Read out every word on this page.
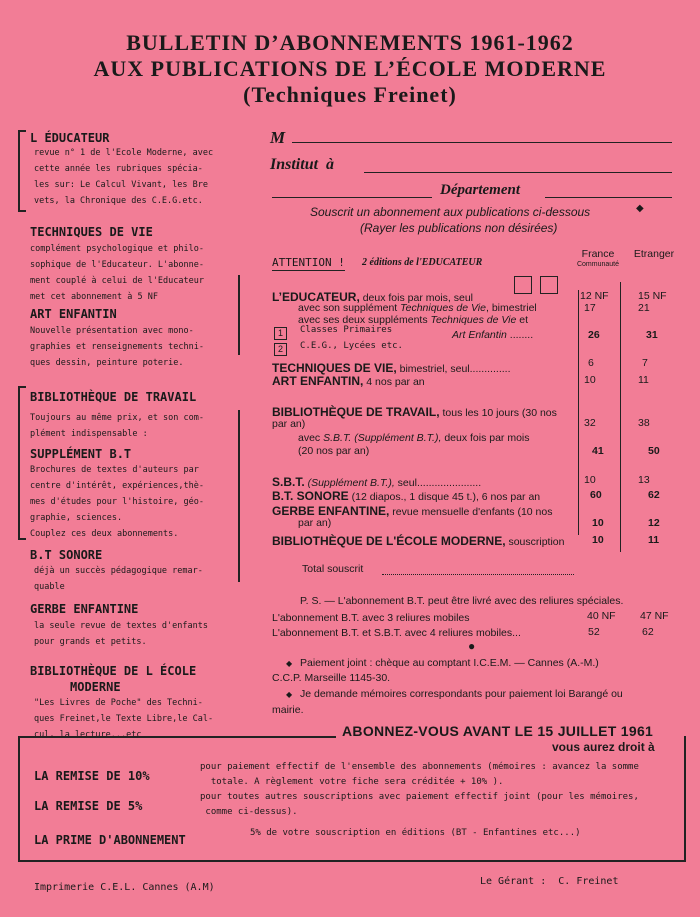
BULLETIN D’ABONNEMENTS 1961-1962
AUX PUBLICATIONS DE L’ÉCOLE MODERNE
(Techniques Freinet)
L ÉDUCATEUR
revue n° 1 de l'Ecole Moderne, avec
cette année les rubriques spécia-
les sur: Le Calcul Vivant, les Bre
vets, la Chronique des C.E.G.etc.
TECHNIQUES DE VIE
complément psychologique et philo-
sophique de l'Educateur. L'abonne-
ment couplé à celui de l'Educateur
met cet abonnement à 5 NF
ART ENFANTIN
Nouvelle présentation avec mono-
graphies et renseignements techni-
ques dessin, peinture poterie.
BIBLIOTHÈQUE DE TRAVAIL
Toujours au même prix, et son com-
plément indispensable :
SUPPLÉMENT B.T
Brochures de textes d'auteurs par
centre d'intérêt, expériences,thè-
mes d'études pour l'histoire, géo-
graphie, sciences.
Couplez ces deux abonnements.
B.T SONORE
déjà un succès pédagogique remar-
quable
GERBE ENFANTINE
la seule revue de textes d'enfants
pour grands et petits.
BIBLIOTHÈQUE DE L ÉCOLE
MODERNE
"Les Livres de Poche" des Techni-
ques Freinet,le Texte Libre,le Cal-
cul, la lecture...etc
M
Institut  à
Département
Souscrit un abonnement aux publications ci-dessous	◆
(Rayer les publications non désirées)
France
Communauté
Etranger
ATTENTION ! 2 éditions de l'EDUCATEUR
L’EDUCATEUR, deux fois par mois, seul	12 NF	15 NF
avec son supplément Techniques de Vie, bimestriel	17	21
avec ses deux suppléments Techniques de Vie et
1	Classes Primaires	Art Enfantin ........	26	31
2	C.E.G., Lycées etc.
TECHNIQUES DE VIE, bimestriel, seul..............	6	7
ART ENFANTIN, 4 nos par an	10	11
BIBLIOTHÈQUE DE TRAVAIL, tous les 10 jours (30 nos
par an)	32	38
avec S.B.T. (Supplément B.T.), deux fois par mois
(20 nos par an)	41	50
S.B.T. (Supplément B.T.), seul......................	10	13
B.T. SONORE (12 diapos., 1 disque 45 t.), 6 nos par an	60	62
GERBE ENFANTINE, revue mensuelle d'enfants (10 nos
par an)	10	12
BIBLIOTHÈQUE DE L'ÉCOLE MODERNE, souscription	10	11
Total souscrit
P. S. — L'abonnement B.T. peut être livré avec des reliures spéciales.
L'abonnement B.T. avec 3 reliures mobiles	40 NF 47 NF
L'abonnement B.T. et S.B.T. avec 4 reliures mobiles...	52	62
●
◆ Paiement joint : chèque au comptant I.C.E.M. — Cannes (A.-M.)
C.C.P. Marseille 1145-30.
◆ Je demande mémoires correspondants pour paiement loi Barangé ou
mairie.
ABONNEZ-VOUS AVANT LE 15 JUILLET 1961
vous aurez droit à
LA REMISE DE 10%
pour paiement effectif de l'ensemble des abonnements (mémoires : avancez la somme
totale. A règlement votre fiche sera créditée + 10% ).
LA REMISE DE 5%
pour toutes autres souscriptions avec paiement effectif joint (pour les mémoires,
comme ci-dessus).
LA PRIME D'ABONNEMENT	5% de votre souscription en éditions (BT - Enfantines etc...)
Imprimerie C.E.L. Cannes (A.M)
Le Gérant :  C. Freinet
